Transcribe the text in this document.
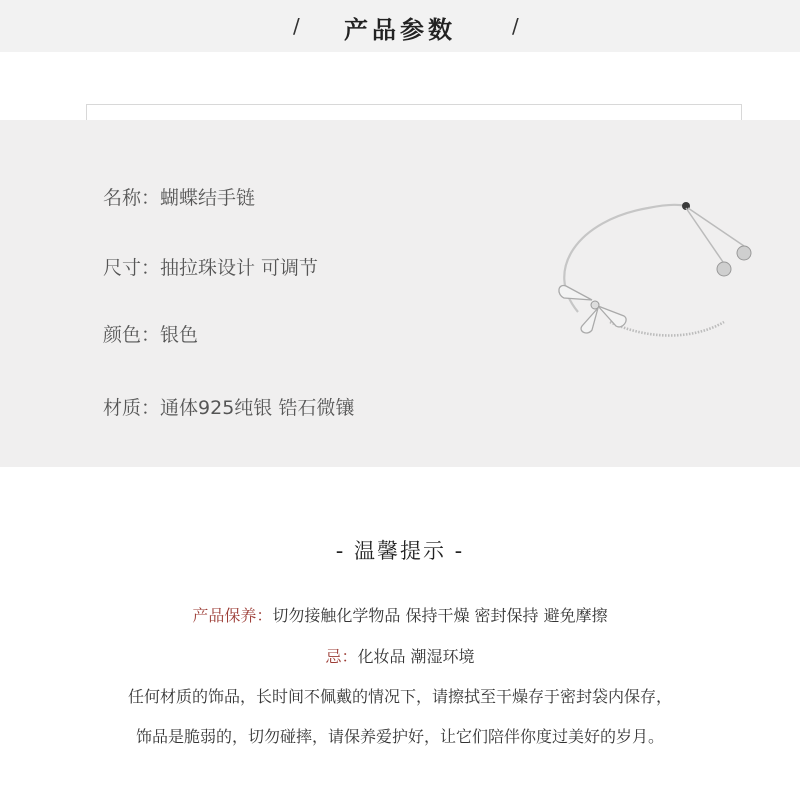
/	产品参数	/
名称：蝴蝶结手链
尺寸：抽拉珠设计 可调节
颜色：银色
材质：通体925纯银 锆石微镶
- 温馨提示 -
产品保养：切勿接触化学物品 保持干燥 密封保持 避免摩擦
忌：化妆品 潮湿环境
任何材质的饰品，长时间不佩戴的情况下，请擦拭至干燥存于密封袋内保存，
饰品是脆弱的，切勿碰摔，请保养爱护好，让它们陪伴你度过美好的岁月。
